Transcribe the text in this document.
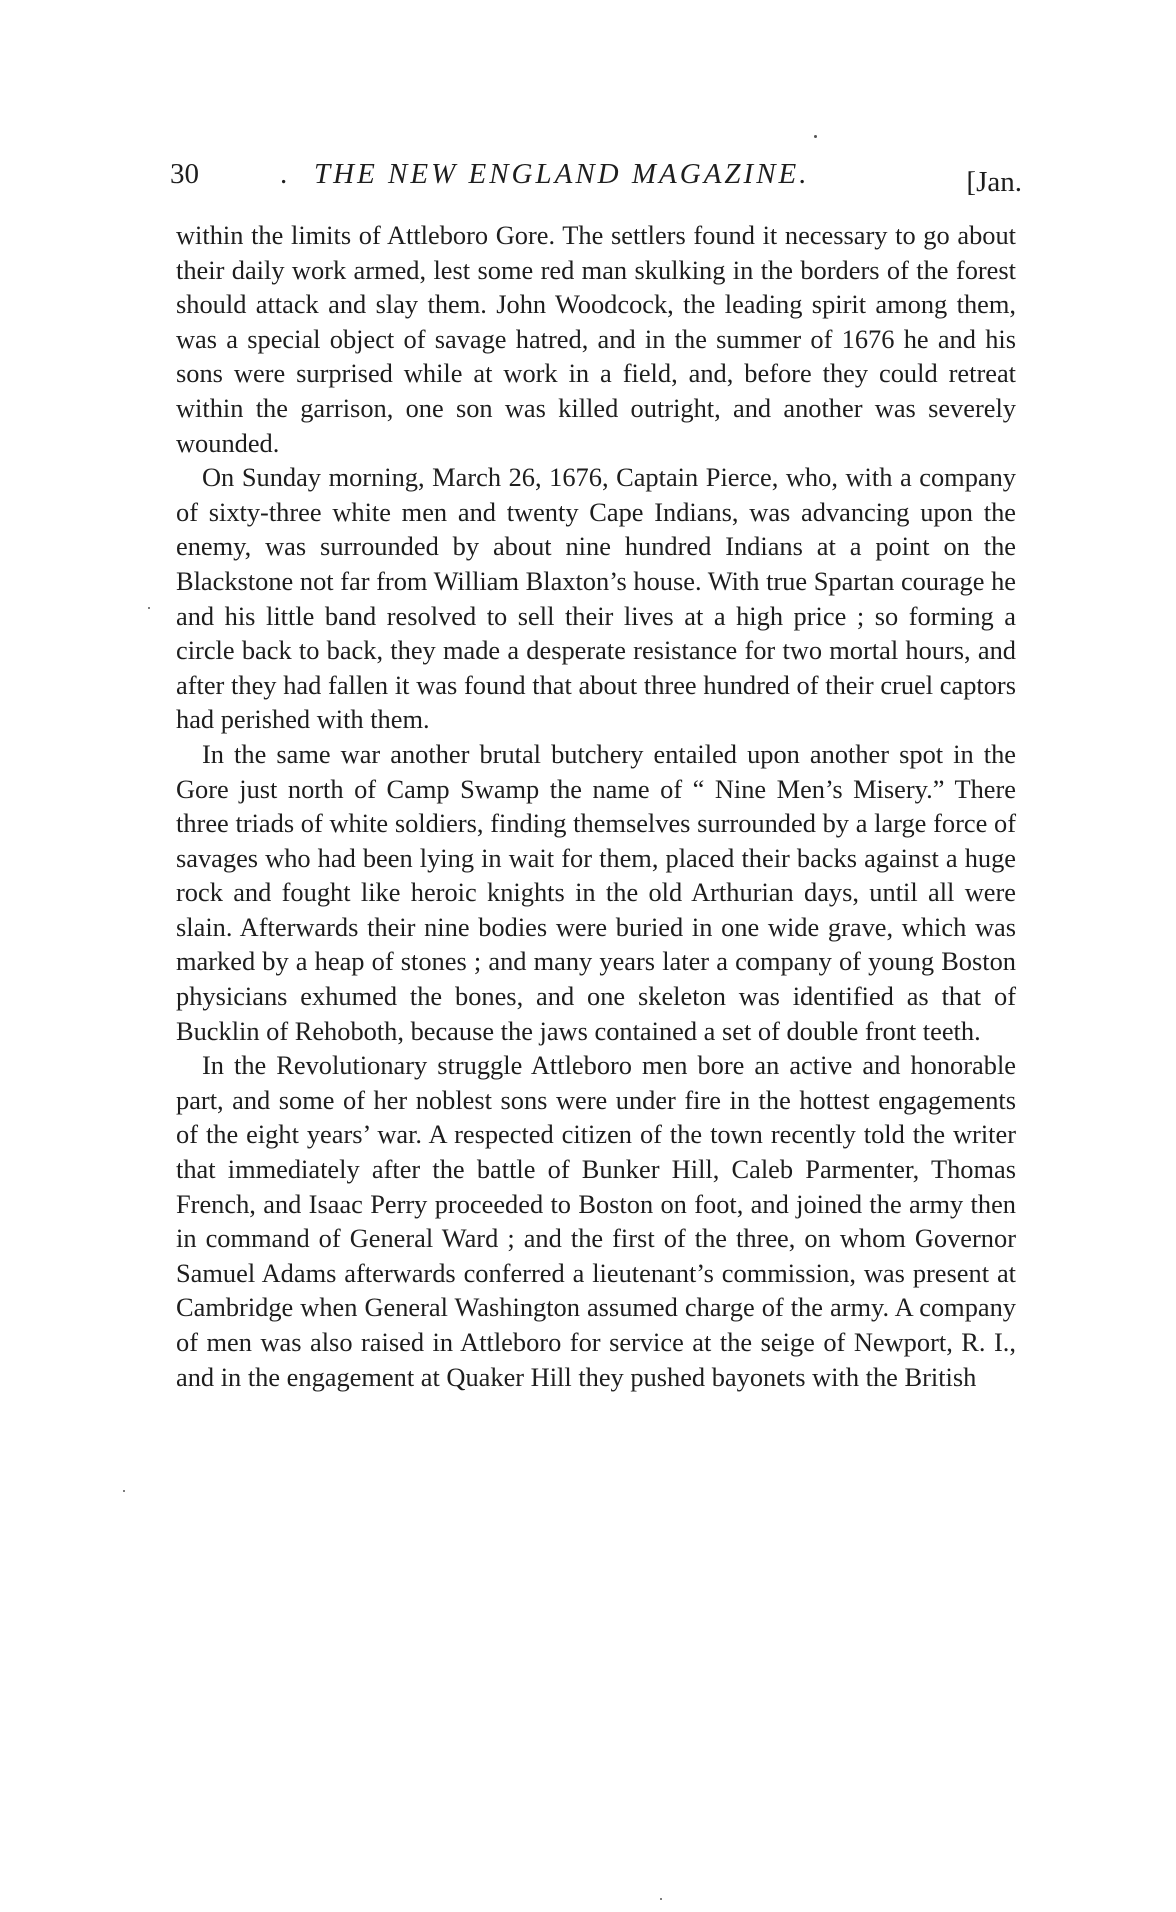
30	. THE NEW ENGLAND MAGAZINE.	[Jan.

within the limits of Attleboro Gore. The settlers found it necessary to go about their daily work armed, lest some red man skulking in the borders of the forest should attack and slay them. John Woodcock, the leading spirit among them, was a special object of savage hatred, and in the summer of 1676 he and his sons were surprised while at work in a field, and, before they could retreat within the garrison, one son was killed outright, and another was severely wounded.

On Sunday morning, March 26, 1676, Captain Pierce, who, with a company of sixty-three white men and twenty Cape Indians, was advancing upon the enemy, was surrounded by about nine hundred Indians at a point on the Blackstone not far from William Blaxton’s house. With true Spartan courage he and his little band resolved to sell their lives at a high price ; so forming a circle back to back, they made a desperate resistance for two mortal hours, and after they had fallen it was found that about three hundred of their cruel captors had perished with them.

In the same war another brutal butchery entailed upon another spot in the Gore just north of Camp Swamp the name of “ Nine Men’s Misery.” There three triads of white soldiers, finding themselves surrounded by a large force of savages who had been lying in wait for them, placed their backs against a huge rock and fought like heroic knights in the old Arthurian days, until all were slain. Afterwards their nine bodies were buried in one wide grave, which was marked by a heap of stones ; and many years later a company of young Boston physicians exhumed the bones, and one skeleton was identified as that of Bucklin of Rehoboth, because the jaws contained a set of double front teeth.

In the Revolutionary struggle Attleboro men bore an active and honorable part, and some of her noblest sons were under fire in the hottest engagements of the eight years’ war. A respected citizen of the town recently told the writer that immediately after the battle of Bunker Hill, Caleb Parmenter, Thomas French, and Isaac Perry proceeded to Boston on foot, and joined the army then in command of General Ward ; and the first of the three, on whom Governor Samuel Adams afterwards conferred a lieutenant’s commission, was present at Cambridge when General Washington assumed charge of the army. A company of men was also raised in Attleboro for service at the seige of Newport, R. I., and in the engagement at Quaker Hill they pushed bayonets with the British
